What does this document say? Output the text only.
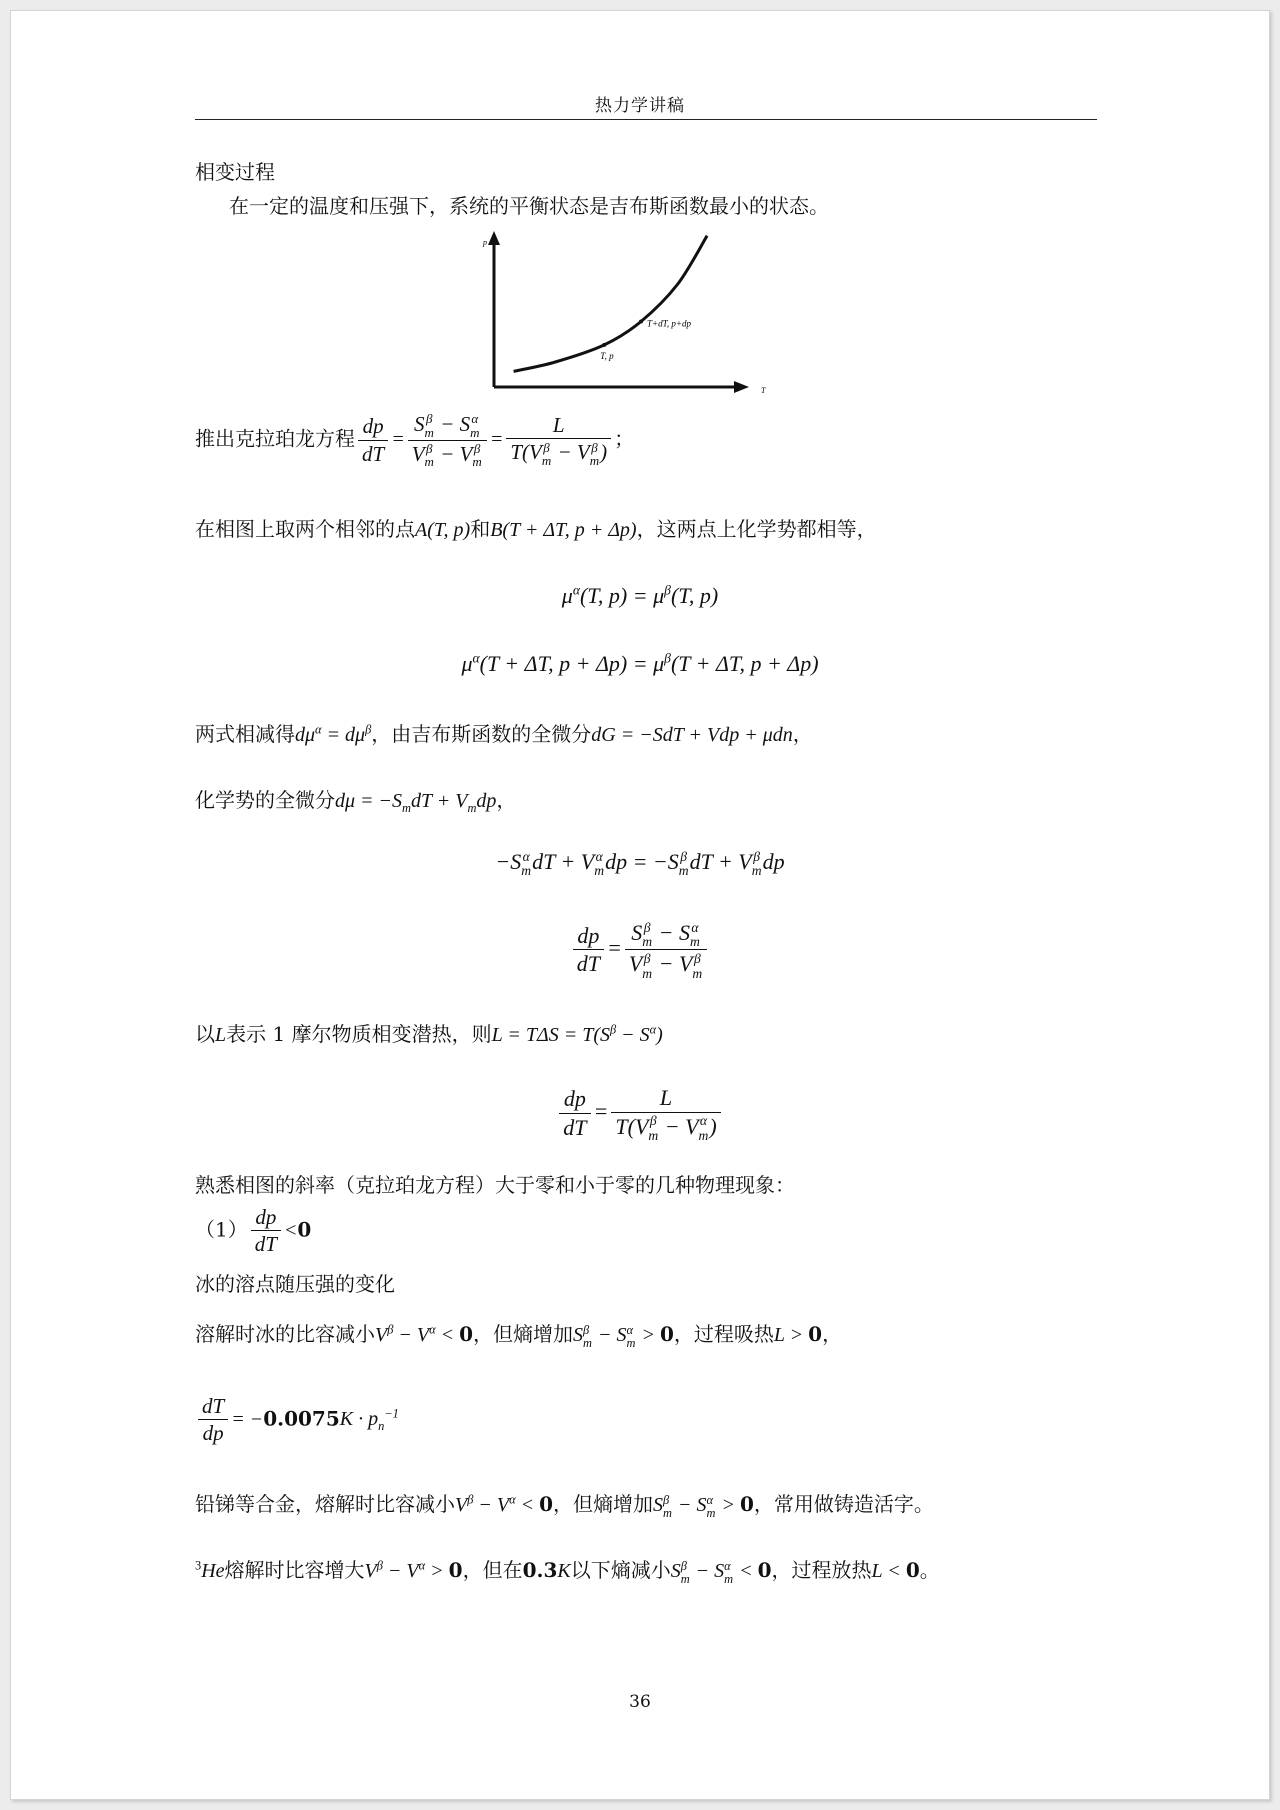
热力学讲稿
相变过程
在一定的温度和压强下，系统的平衡状态是吉布斯函数最小的状态。
p
T
T, p
T+dT, p+dp
推出克拉珀龙方程 $\frac{dp}{dT} = S$ β
m − S α
m
V β
m − V β
m = L
T(V β
m − V β
m ) ；
在相图上取两个相邻的点A(T, p)和B(T + ΔT, p + Δp)，这两点上化学势都相等，
$\mu^\alpha(T$, $p) = \mu^\beta(T$, p)
$\mu^\alpha(T + \Delta T$, $p + \Delta p) = \mu^\beta(T + \Delta T$, p + Δp)
两式相减得$d\mu^\alpha = d\mu^\beta$，由吉布斯函数的全微分dG = −SdT + Vdp + μdn，
化学势的全微分$d\mu = -S_mdT + V_mdp$，
−S α
m dT + V α
m dp = −S β
m dT + V β
m dp
$\frac{dp}{dT} = S$ β
m − S α
m
V β
m − V β
m
以L表示 1 摩尔物质相变潜热，则$L = T\Delta S = T(S^\beta - S^\alpha)$
$\frac{dp}{dT} = L$
T(V β
m − V α
m )
熟悉相图的斜率（克拉珀龙方程）大于零和小于零的几种物理现象：
$(1) \frac{dp}{dT} <0$
冰的溶点随压强的变化
溶解时冰的比容减小$V^\beta - V^\alpha < 0$，但熵增加S β
m − S α
m > 0，过程吸热L > 0，
$\frac{dT}{dp} = -0.0075K \cdot p_n^{-1}$
铅锑等合金，熔解时比容减小$V^\beta - V^\alpha < 0$，但熵增加S β
m − S α
m > 0，常用做铸造活字。
$^3$He熔解时比容增大$V^\beta - V^\alpha > 0$，但在0.3K以下熵减小S β
m − S α
m < 0，过程放热L < 0。
36
